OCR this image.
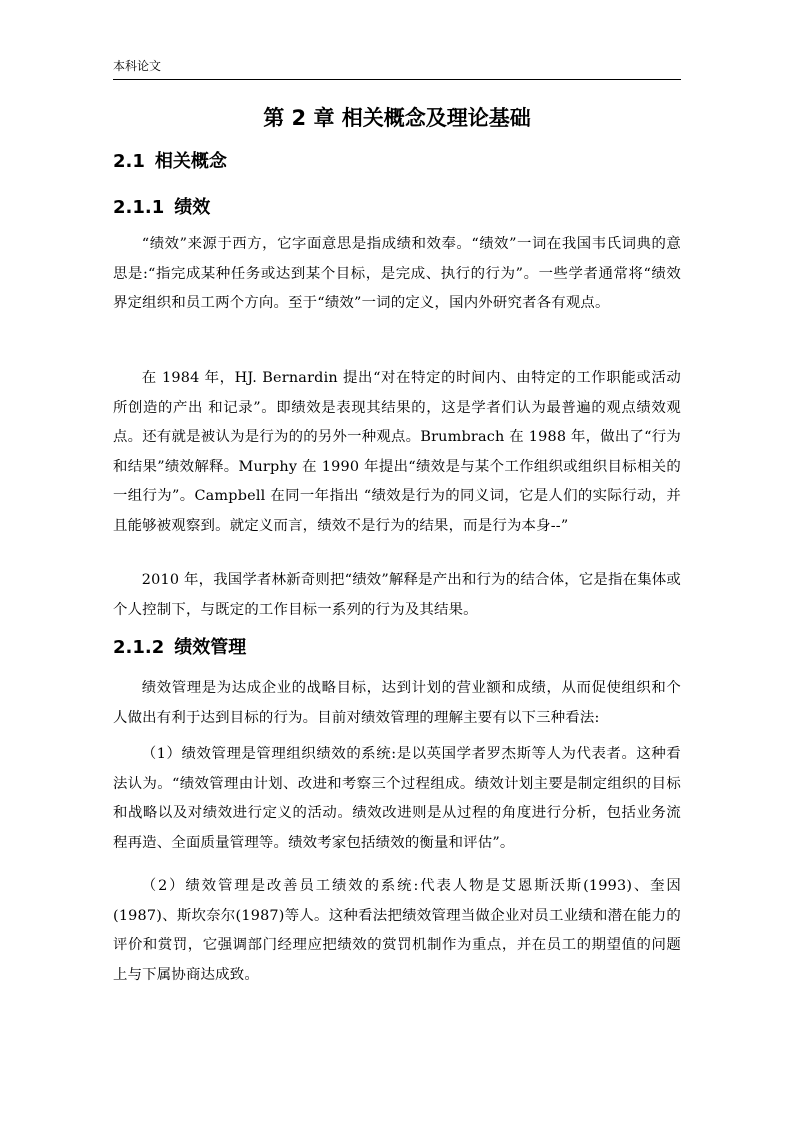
本科论文
第 2 章 相关概念及理论基础
2.1 相关概念
2.1.1 绩效

“绩效”来源于西方，它字面意思是指成绩和效奉。“绩效”一词在我国韦氏词典的意思是:“指完成某种任务或达到某个目标，是完成、执行的行为”。一些学者通常将“绩效　界定组织和员工两个方向。至于“绩效”一词的定义，国内外研究者各有观点。

在 1984 年，HJ. Bernardin 提出“对在特定的时间内、由特定的工作职能或活动所创造的产出 和记录”。即绩效是表现其结果的，这是学者们认为最普遍的观点绩效观点。还有就是被认为是行为的的另外一种观点。Brumbrach 在 1988 年，做出了“行为和结果”绩效解释。Murphy 在 1990 年提出“绩效是与某个工作组织或组织目标相关的一组行为”。Campbell 在同一年指出 “绩效是行为的同义词，它是人们的实际行动，并且能够被观察到。就定义而言，绩效不是行为的结果，而是行为本身--”

2010 年，我国学者林新奇则把“绩效”解释是产出和行为的结合体，它是指在集体或个人控制下，与既定的工作目标一系列的行为及其结果。

2.1.2 绩效管理

绩效管理是为达成企业的战略目标，达到计划的营业额和成绩，从而促使组织和个人做出有利于达到目标的行为。目前对绩效管理的理解主要有以下三种看法:

（1）绩效管理是管理组织绩效的系统:是以英国学者罗杰斯等人为代表者。这种看法认为。“绩效管理由计划、改进和考察三个过程组成。绩效计划主要是制定组织的目标和战略以及对绩效进行定义的活动。绩效改进则是从过程的角度进行分析，包括业务流程再造、全面质量管理等。绩效考家包括绩效的衡量和评估”。

（2）绩效管理是改善员工绩效的系统:代表人物是艾恩斯沃斯(1993)、奎因(1987)、斯坎奈尔(1987)等人。这种看法把绩效管理当做企业对员工业绩和潜在能力的评价和赏罚，它强调部门经理应把绩效的赏罚机制作为重点，并在员工的期望值的问题上与下属协商达成致。
